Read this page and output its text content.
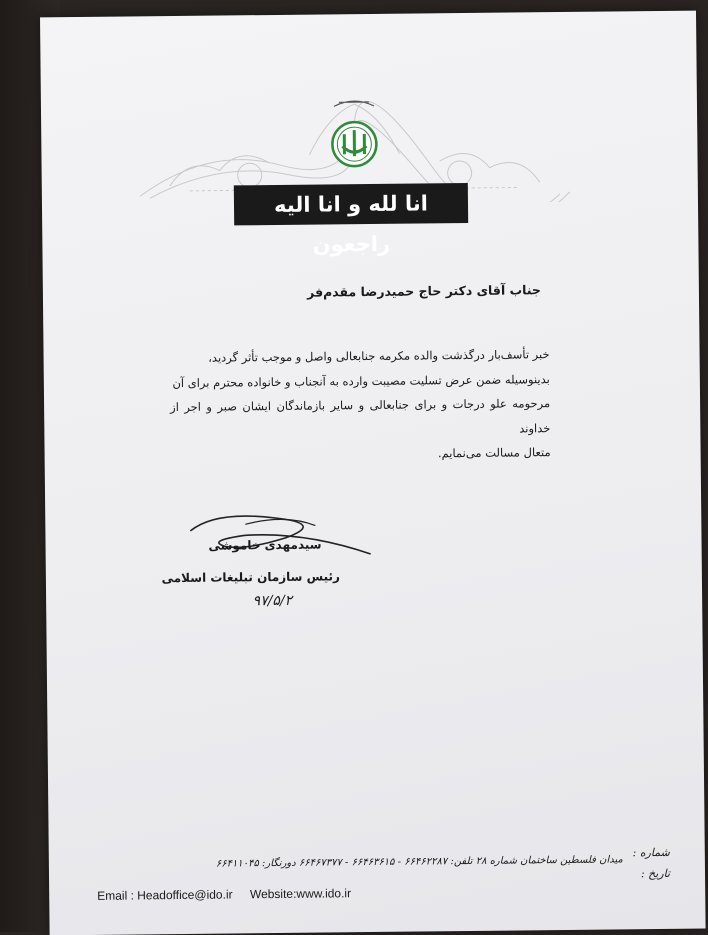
انا لله و انا الیه راجعون
جناب آقای دکتر حاج حمیدرضا مقدم‌فر

خبر تأسف‌بار درگذشت والده مکرمه جنابعالی واصل و موجب تأثر گردید،

بدینوسیله ضمن عرض تسلیت مصیبت وارده به آنجناب و خانواده محترم برای آن

مرحومه علو درجات و برای جنابعالی و سایر بازماندگان ایشان صبر و اجر از خداوند

متعال مسالت می‌نمایم.

سیدمهدی خاموشی
رئیس سازمان تبلیغات اسلامی
۹۷/۵/۲
شماره :
تاریخ :
میدان فلسطین ساختمان شماره ۲۸ تلفن: ۶۶۴۶۲۲۸۷ - ۶۶۴۶۳۶۱۵ - ۶۶۴۶۷۳۷۷ دورنگار: ۶۶۴۱۱۰۴۵
Email : Headoffice@ido.ir Website:www.ido.ir
